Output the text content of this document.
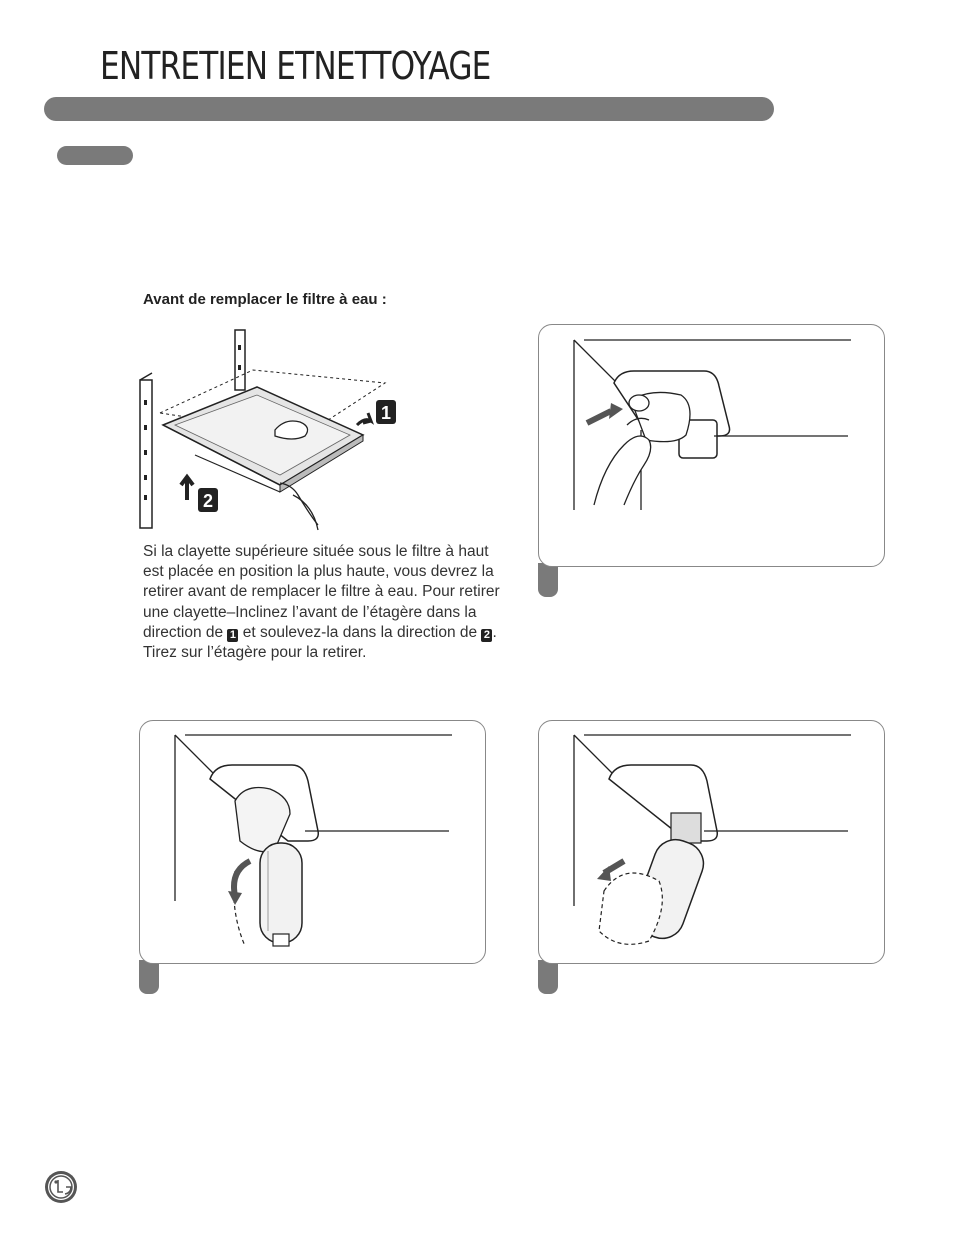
ENTRETIEN ETNETTOYAGE
Avant de remplacer le filtre à eau :
1
2
Si la clayette supérieure située sous le filtre à haut est placée en position la plus haute, vous devrez la retirer avant de remplacer le filtre à eau. Pour retirer une clayette–Inclinez l’avant de l’étagère dans la direction de 1 et soulevez-la dans la direction de 2 . Tirez sur l’étagère pour la retirer.
